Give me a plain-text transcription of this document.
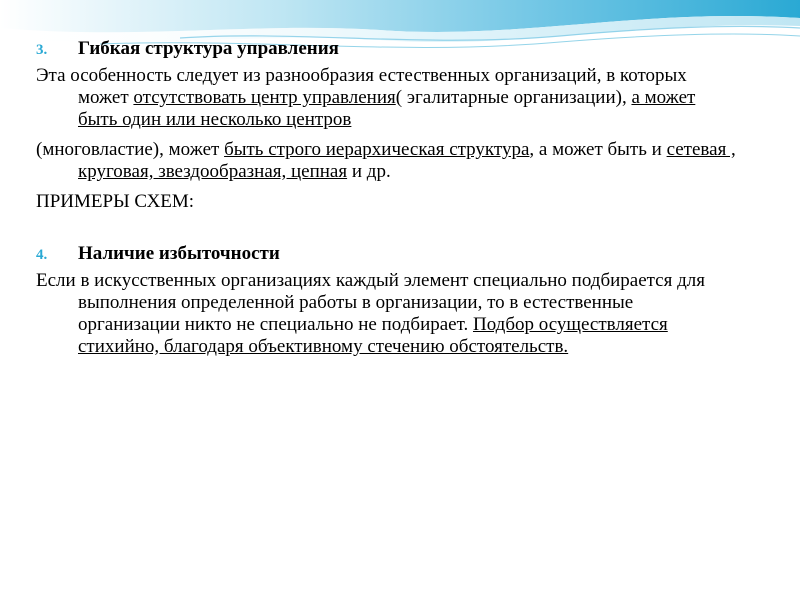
3.	Гибкая структура управления
Эта особенность следует из разнообразия естественных организаций, в которых может отсутствовать центр управления( эгалитарные организации), а может быть один или несколько центров
(многовластие), может быть строго иерархическая структура, а может быть и сетевая , круговая, звездообразная, цепная и др.
ПРИМЕРЫ СХЕМ:
4.	Наличие избыточности
Если в искусственных организациях каждый элемент специально подбирается для выполнения определенной работы в организации, то в естественные организации никто не специально не подбирает. Подбор осуществляется стихийно, благодаря объективному стечению обстоятельств.
